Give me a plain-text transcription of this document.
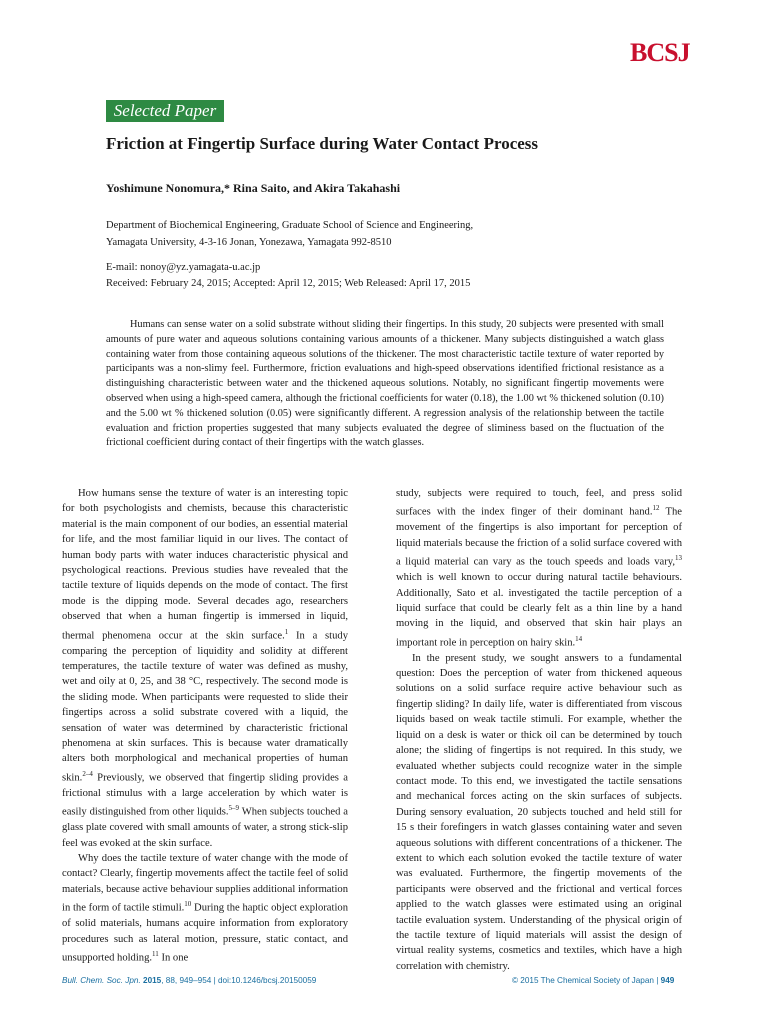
BCSJ
Selected Paper
Friction at Fingertip Surface during Water Contact Process

Yoshimune Nonomura,* Rina Saito, and Akira Takahashi

Department of Biochemical Engineering, Graduate School of Science and Engineering,
Yamagata University, 4-3-16 Jonan, Yonezawa, Yamagata 992-8510

E-mail: nonoy@yz.yamagata-u.ac.jp
Received: February 24, 2015; Accepted: April 12, 2015; Web Released: April 17, 2015

Humans can sense water on a solid substrate without sliding their fingertips. In this study, 20 subjects were presented with small amounts of pure water and aqueous solutions containing various amounts of a thickener. Many subjects distinguished a watch glass containing water from those containing aqueous solutions of the thickener. The most characteristic tactile texture of water reported by participants was a non-slimy feel. Furthermore, friction evaluations and high-speed observations identified frictional resistance as a distinguishing characteristic between water and the thickened aqueous solutions. Notably, no significant fingertip movements were observed when using a high-speed camera, although the frictional coefficients for water (0.18), the 1.00 wt % thickened solution (0.10) and the 5.00 wt % thickened solution (0.05) were significantly different. A regression analysis of the relationship between the tactile evaluation and friction properties suggested that many subjects evaluated the degree of sliminess based on the fluctuation of the frictional coefficient during contact of their fingertips with the watch glasses.

How humans sense the texture of water is an interesting topic for both psychologists and chemists, because this characteristic material is the main component of our bodies, an essential material for life, and the most familiar liquid in our lives. The contact of human body parts with water induces characteristic physical and psychological reactions. Previous studies have revealed that the tactile texture of liquids depends on the mode of contact. The first mode is the dipping mode. Several decades ago, researchers observed that when a human fingertip is immersed in liquid, thermal phenomena occur at the skin surface.$^1$ In a study comparing the perception of liquidity and solidity at different temperatures, the tactile texture of water was defined as mushy, wet and oily at 0, 25, and 38 °C, respectively. The second mode is the sliding mode. When participants were requested to slide their fingertips across a solid substrate covered with a liquid, the sensation of water was determined by characteristic frictional phenomena at skin surfaces. This is because water dramatically alters both morphological and mechanical properties of human skin.$^{2-4}$ Previously, we observed that fingertip sliding provides a frictional stimulus with a large acceleration by which water is easily distinguished from other liquids.$^{5-9}$ When subjects touched a glass plate covered with small amounts of water, a strong stick-slip feel was evoked at the skin surface.

Why does the tactile texture of water change with the mode of contact? Clearly, fingertip movements affect the tactile feel of solid materials, because active behaviour supplies additional information in the form of tactile stimuli.$^{10}$ During the haptic object exploration of solid materials, humans acquire information from exploratory procedures such as lateral motion, pressure, static contact, and unsupported holding.$^{11}$ In one

study, subjects were required to touch, feel, and press solid surfaces with the index finger of their dominant hand.$^{12}$ The movement of the fingertips is also important for perception of liquid materials because the friction of a solid surface covered with a liquid material can vary as the touch speeds and loads vary,$^{13}$ which is well known to occur during natural tactile behaviours. Additionally, Sato et al. investigated the tactile perception of a liquid surface that could be clearly felt as a thin line by a hand moving in the liquid, and observed that skin hair plays an important role in perception on hairy skin.$^{14}$

In the present study, we sought answers to a fundamental question: Does the perception of water from thickened aqueous solutions on a solid surface require active behaviour such as fingertip sliding? In daily life, water is differentiated from viscous liquids based on weak tactile stimuli. For example, whether the liquid on a desk is water or thick oil can be determined by touch alone; the sliding of fingertips is not required. In this study, we evaluated whether subjects could recognize water in the simple contact mode. To this end, we investigated the tactile sensations and mechanical forces acting on the skin surfaces of subjects. During sensory evaluation, 20 subjects touched and held still for 15 s their forefingers in watch glasses containing water and seven aqueous solutions with different concentrations of a thickener. The extent to which each solution evoked the tactile texture of water was evaluated. Furthermore, the fingertip movements of the participants were observed and the frictional and vertical forces applied to the watch glasses were estimated using an original tactile evaluation system. Understanding of the physical origin of the tactile texture of liquid materials will assist the design of virtual reality systems, cosmetics and textiles, which have a high correlation with chemistry.

Bull. Chem. Soc. Jpn. 2015, 88, 949–954 | doi:10.1246/bcsj.20150059	© 2015 The Chemical Society of Japan | 949
